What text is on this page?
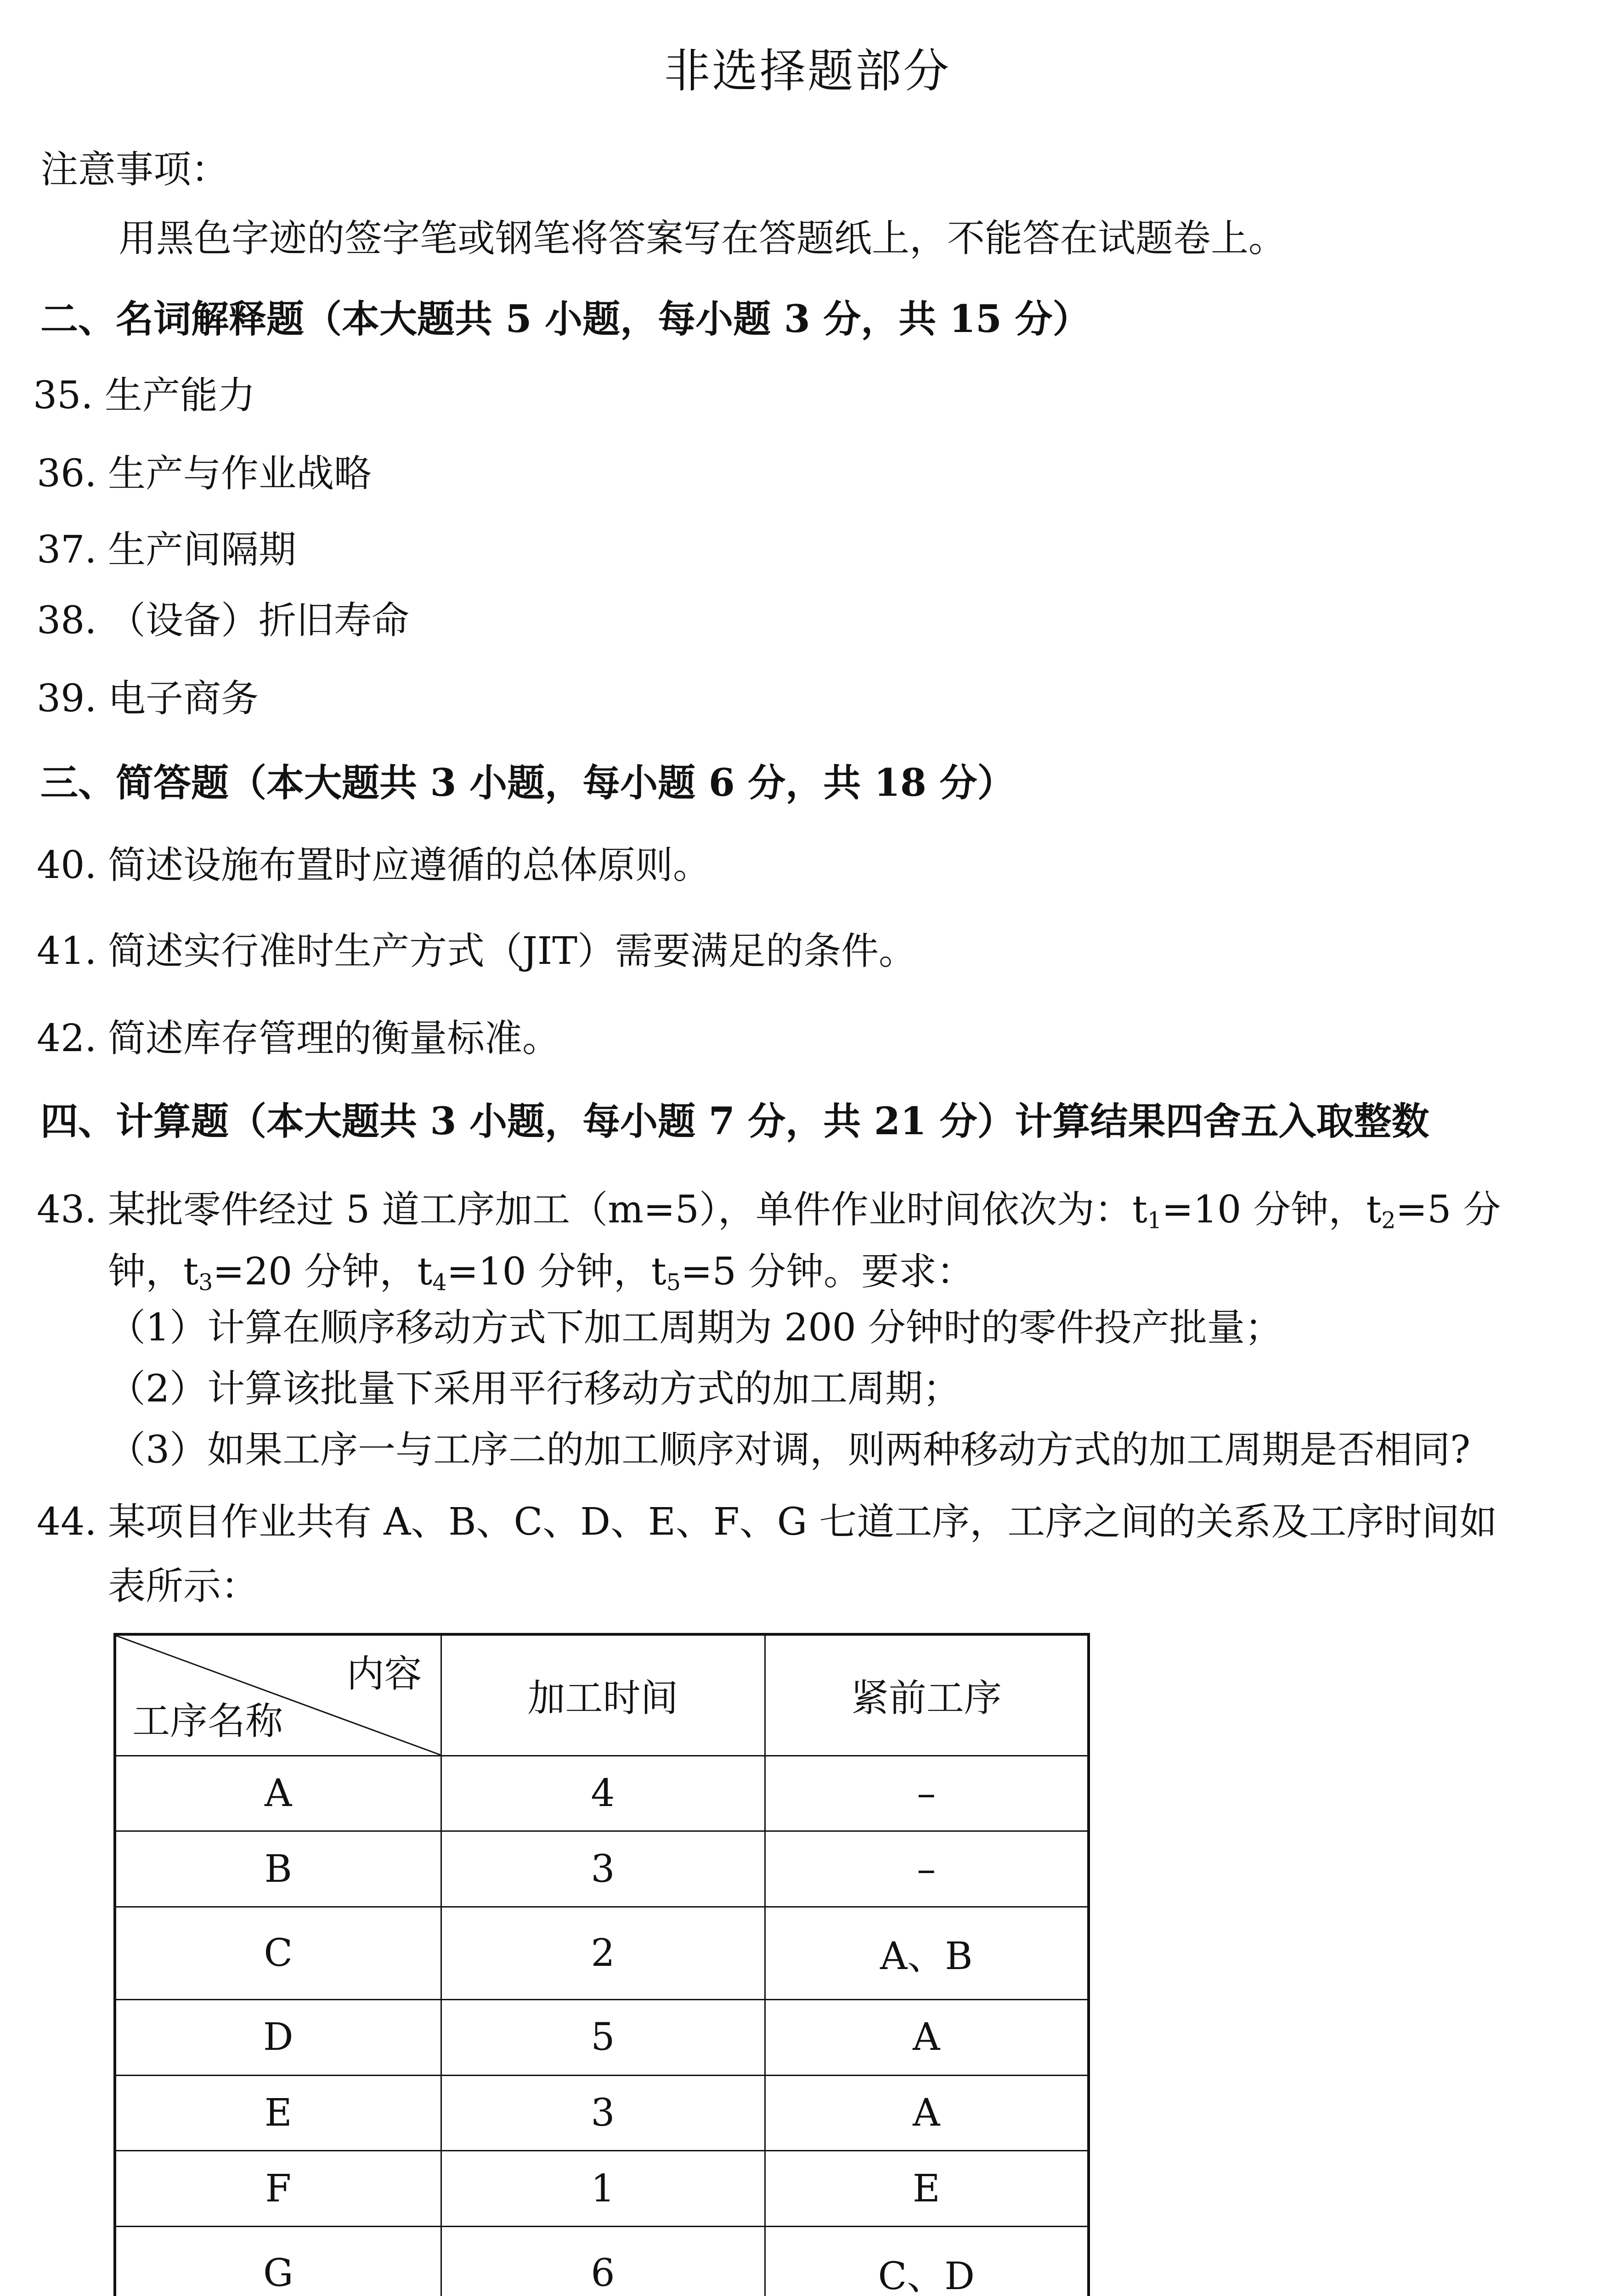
非选择题部分
注意事项：
用黑色字迹的签字笔或钢笔将答案写在答题纸上，不能答在试题卷上。
二、名词解释题（本大题共 5 小题，每小题 3 分，共 15 分）
35. 生产能力
36. 生产与作业战略
37. 生产间隔期
38. （设备）折旧寿命
39. 电子商务
三、简答题（本大题共 3 小题，每小题 6 分，共 18 分）
40. 简述设施布置时应遵循的总体原则。
41. 简述实行准时生产方式（JIT）需要满足的条件。
42. 简述库存管理的衡量标准。
四、计算题（本大题共 3 小题，每小题 7 分，共 21 分）计算结果四舍五入取整数
43. 某批零件经过 5 道工序加工（m=5），单件作业时间依次为：$t_1=10$ 分钟，$t_2=5$ 分
钟，$t_3=20$ 分钟，$t_4=10$ 分钟，$t_5=5$ 分钟。要求：
（1）计算在顺序移动方式下加工周期为 200 分钟时的零件投产批量；
（2）计算该批量下采用平行移动方式的加工周期；
（3）如果工序一与工序二的加工顺序对调，则两种移动方式的加工周期是否相同?
44. 某项目作业共有 A、B、C、D、E、F、G 七道工序，工序之间的关系及工序时间如
表所示：
内容
工序名称	加工时间	紧前工序
A	4	–
B	3	–
C	2	A、B
D	5	A
E	3	A
F	1	E
G	6	C、D
